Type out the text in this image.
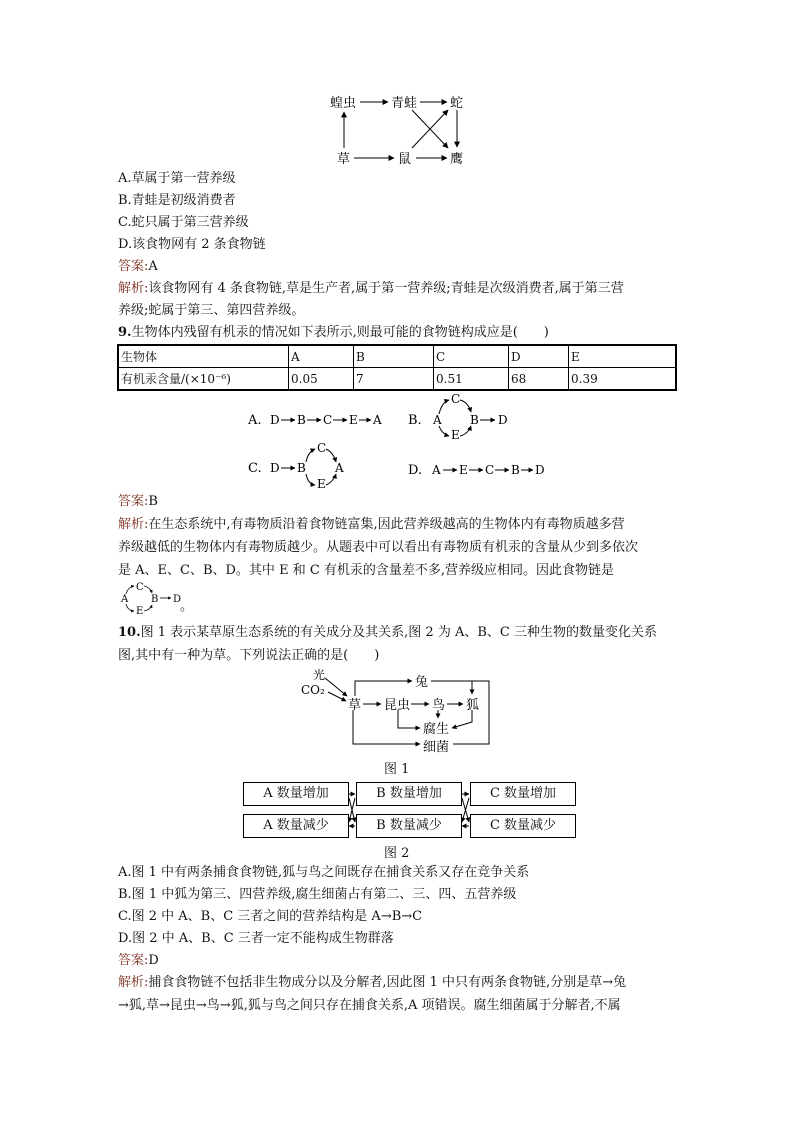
蝗虫	青蛙	蛇
草	鼠	鹰
A.草属于第一营养级
B.青蛙是初级消费者
C.蛇只属于第三营养级
D.该食物网有 2 条食物链
答案:A
解析:该食物网有 4 条食物链,草是生产者,属于第一营养级;青蛙是次级消费者,属于第三营
养级;蛇属于第三、第四营养级。
9.生物体内残留有机汞的情况如下表所示,则最可能的食物链构成应是(　　)
生物体	A	B	C	D	E
有机汞含量/(×10⁻⁶)	0.05	7	0.51	68	0.39
A. D B C E A B.
C
A B
E
D
C. D B
C
A
E
D. A E C B D
答案:B
解析:在生态系统中,有毒物质沿着食物链富集,因此营养级越高的生物体内有毒物质越多营
养级越低的生物体内有毒物质越少。从题表中可以看出有毒物质有机汞的含量从少到多依次
是 A、E、C、B、D。其中 E 和 C 有机汞的含量差不多,营养级应相同。因此食物链是
C
A B
E
D
。
10.图 1 表示某草原生态系统的有关成分及其关系,图 2 为 A、B、C 三种生物的数量变化关系
图,其中有一种为草。下列说法正确的是(　　)
光
CO₂
草
兔
昆虫 鸟 狐
腐生
细菌
图 1
A 数量增加
A 数量减少
B 数量增加
B 数量减少
C 数量增加
C 数量减少
图 2
A.图 1 中有两条捕食食物链,狐与鸟之间既存在捕食关系又存在竞争关系
B.图 1 中狐为第三、四营养级,腐生细菌占有第二、三、四、五营养级
C.图 2 中 A、B、C 三者之间的营养结构是 A→B→C
D.图 2 中 A、B、C 三者一定不能构成生物群落
答案:D
解析:捕食食物链不包括非生物成分以及分解者,因此图 1 中只有两条食物链,分别是草→兔
→狐,草→昆虫→鸟→狐,狐与鸟之间只存在捕食关系,A 项错误。腐生细菌属于分解者,不属
